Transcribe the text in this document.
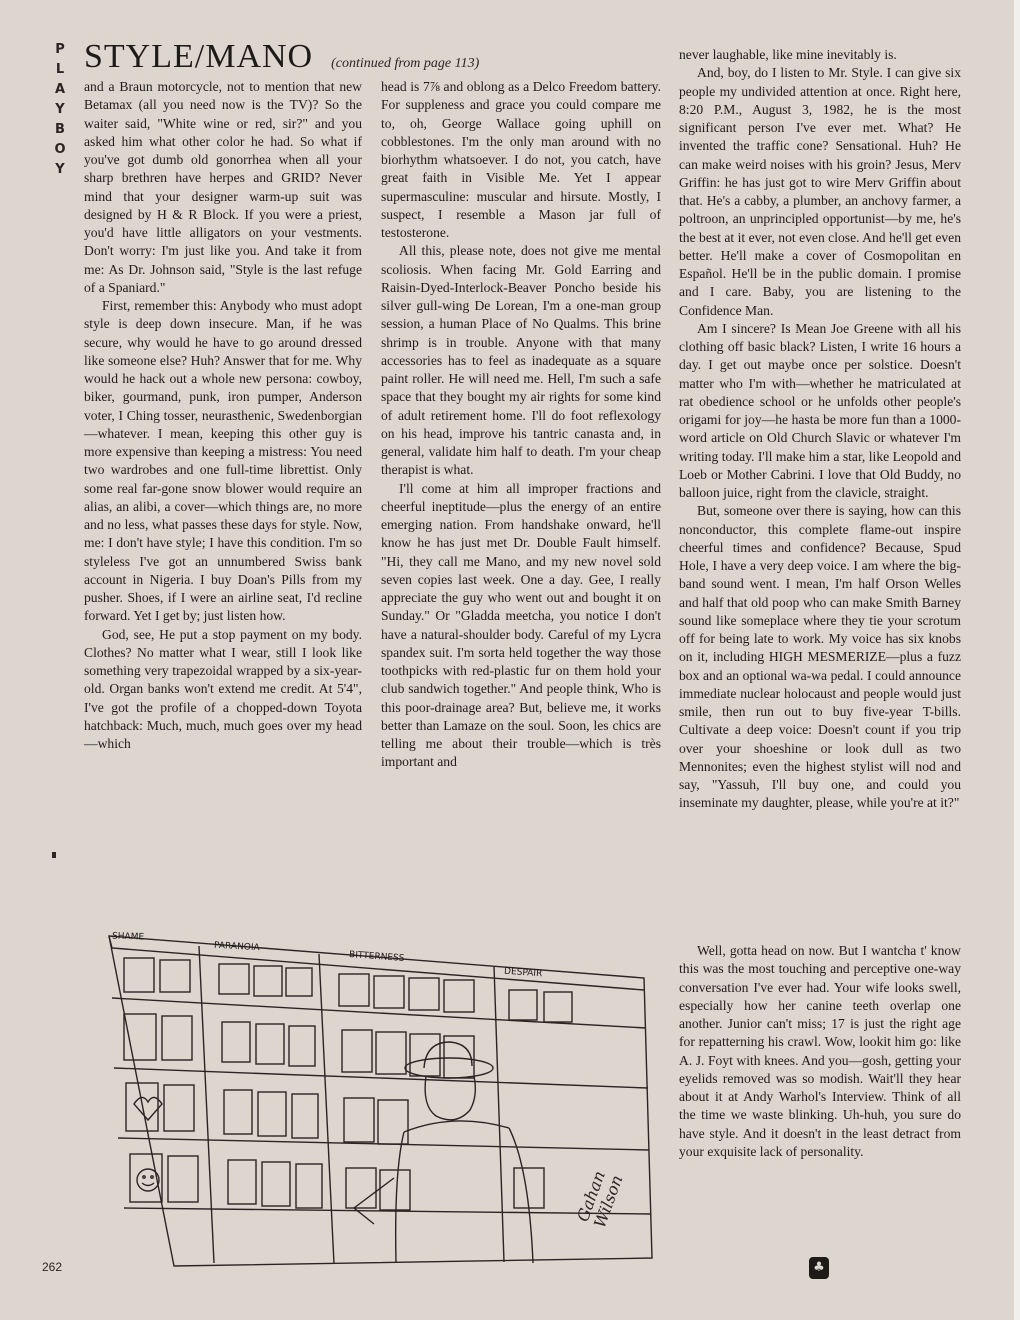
P
L
A
Y
B
O
Y
STYLE/MANO (continued from page 113)

and a Braun motorcycle, not to mention that new Betamax (all you need now is the TV)? So the waiter said, "White wine or red, sir?" and you asked him what other color he had. So what if you've got dumb old gonorrhea when all your sharp brethren have herpes and GRID? Never mind that your designer warm-up suit was designed by H & R Block. If you were a priest, you'd have little alligators on your vestments. Don't worry: I'm just like you. And take it from me: As Dr. Johnson said, "Style is the last refuge of a Spaniard."

First, remember this: Anybody who must adopt style is deep down insecure. Man, if he was secure, why would he have to go around dressed like someone else? Huh? Answer that for me. Why would he hack out a whole new persona: cowboy, biker, gourmand, punk, iron pumper, Anderson voter, I Ching tosser, neurasthenic, Swedenborgian—whatever. I mean, keeping this other guy is more expensive than keeping a mistress: You need two wardrobes and one full-time librettist. Only some real far-gone snow blower would require an alias, an alibi, a cover—which things are, no more and no less, what passes these days for style. Now, me: I don't have style; I have this condition. I'm so styleless I've got an unnumbered Swiss bank account in Nigeria. I buy Doan's Pills from my pusher. Shoes, if I were an airline seat, I'd recline forward. Yet I get by; just listen how.

God, see, He put a stop payment on my body. Clothes? No matter what I wear, still I look like something very trapezoidal wrapped by a six-year-old. Organ banks won't extend me credit. At 5'4", I've got the profile of a chopped-down Toyota hatchback: Much, much, much goes over my head—which

head is 7⅞ and oblong as a Delco Freedom battery. For suppleness and grace you could compare me to, oh, George Wallace going uphill on cobblestones. I'm the only man around with no biorhythm whatsoever. I do not, you catch, have great faith in Visible Me. Yet I appear supermasculine: muscular and hirsute. Mostly, I suspect, I resemble a Mason jar full of testosterone.

All this, please note, does not give me mental scoliosis. When facing Mr. Gold Earring and Raisin-Dyed-Interlock-Beaver Poncho beside his silver gull-wing De Lorean, I'm a one-man group session, a human Place of No Qualms. This brine shrimp is in trouble. Anyone with that many accessories has to feel as inadequate as a square paint roller. He will need me. Hell, I'm such a safe space that they bought my air rights for some kind of adult retirement home. I'll do foot reflexology on his head, improve his tantric canasta and, in general, validate him half to death. I'm your cheap therapist is what.

I'll come at him all improper fractions and cheerful ineptitude—plus the energy of an entire emerging nation. From handshake onward, he'll know he has just met Dr. Double Fault himself. "Hi, they call me Mano, and my new novel sold seven copies last week. One a day. Gee, I really appreciate the guy who went out and bought it on Sunday." Or "Gladda meetcha, you notice I don't have a natural-shoulder body. Careful of my Lycra spandex suit. I'm sorta held together the way those toothpicks with red-plastic fur on them hold your club sandwich together." And people think, Who is this poor-drainage area? But, believe me, it works better than Lamaze on the soul. Soon, les chics are telling me about their trouble—which is très important and

never laughable, like mine inevitably is.

And, boy, do I listen to Mr. Style. I can give six people my undivided attention at once. Right here, 8:20 P.M., August 3, 1982, he is the most significant person I've ever met. What? He invented the traffic cone? Sensational. Huh? He can make weird noises with his groin? Jesus, Merv Griffin: he has just got to wire Merv Griffin about that. He's a cabby, a plumber, an anchovy farmer, a poltroon, an unprincipled opportunist—by me, he's the best at it ever, not even close. And he'll get even better. He'll make a cover of Cosmopolitan en Español. He'll be in the public domain. I promise and I care. Baby, you are listening to the Confidence Man.

Am I sincere? Is Mean Joe Greene with all his clothing off basic black? Listen, I write 16 hours a day. I get out maybe once per solstice. Doesn't matter who I'm with—whether he matriculated at rat obedience school or he unfolds other people's origami for joy—he hasta be more fun than a 1000-word article on Old Church Slavic or whatever I'm writing today. I'll make him a star, like Leopold and Loeb or Mother Cabrini. I love that Old Buddy, no balloon juice, right from the clavicle, straight.

But, someone over there is saying, how can this nonconductor, this complete flame-out inspire cheerful times and confidence? Because, Spud Hole, I have a very deep voice. I am where the big-band sound went. I mean, I'm half Orson Welles and half that old poop who can make Smith Barney sound like someplace where they tie your scrotum off for being late to work. My voice has six knobs on it, including HIGH MESMERIZE—plus a fuzz box and an optional wa-wa pedal. I could announce immediate nuclear holocaust and people would just smile, then run out to buy five-year T-bills. Cultivate a deep voice: Doesn't count if you trip over your shoeshine or look dull as two Mennonites; even the highest stylist will nod and say, "Yassuh, I'll buy one, and could you inseminate my daughter, please, while you're at it?"

Well, gotta head on now. But I wantcha t' know this was the most touching and perceptive one-way conversation I've ever had. Your wife looks swell, especially how her canine teeth overlap one another. Junior can't miss; 17 is just the right age for repatterning his crawl. Wow, lookit him go: like A. J. Foyt with knees. And you—gosh, getting your eyelids removed was so modish. Wait'll they hear about it at Andy Warhol's Interview. Think of all the time we waste blinking. Uh-huh, you sure do have style. And it doesn't in the least detract from your exquisite lack of personality.

SHAME
PARANOIA
BITTERNESS
DESPAIR
Gahan Wilson
262	♣
